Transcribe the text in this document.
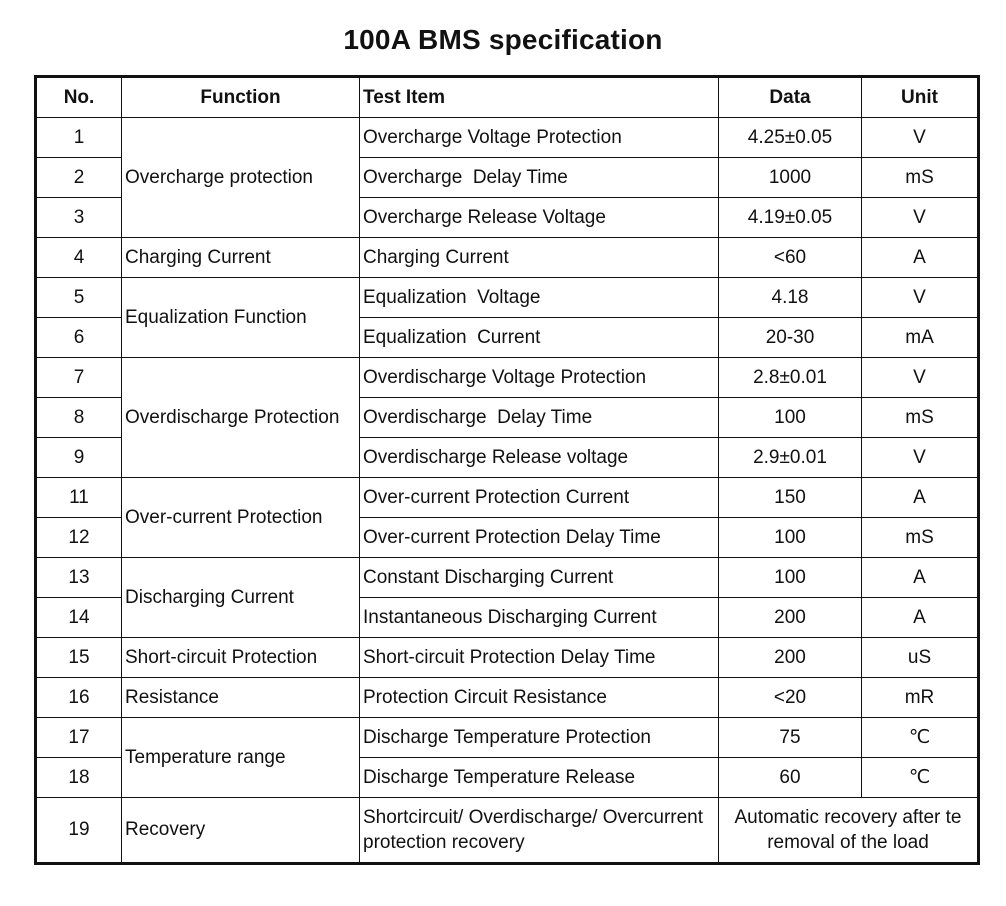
100A BMS specification
No.	Function	Test Item	Data	Unit
1	Overcharge protection	Overcharge Voltage Protection	4.25±0.05	V
2		Overcharge  Delay Time	1000	mS
3		Overcharge Release Voltage	4.19±0.05	V
4	Charging Current	Charging Current	<60	A
5	Equalization Function	Equalization  Voltage	4.18	V
6		Equalization  Current	20-30	mA
7	Overdischarge Protection	Overdischarge Voltage Protection	2.8±0.01	V
8		Overdischarge  Delay Time	100	mS
9		Overdischarge Release voltage	2.9±0.01	V
11	Over-current Protection	Over-current Protection Current	150	A
12		Over-current Protection Delay Time	100	mS
13	Discharging Current	Constant Discharging Current	100	A
14		Instantaneous Discharging Current	200	A
15	Short-circuit Protection	Short-circuit Protection Delay Time	200	uS
16	Resistance	Protection Circuit Resistance	<20	mR
17	Temperature range	Discharge Temperature Protection	75	℃
18		Discharge Temperature Release	60	℃
19	Recovery	Shortcircuit/ Overdischarge/ Overcurrent protection recovery	Automatic recovery after te removal of the load	
